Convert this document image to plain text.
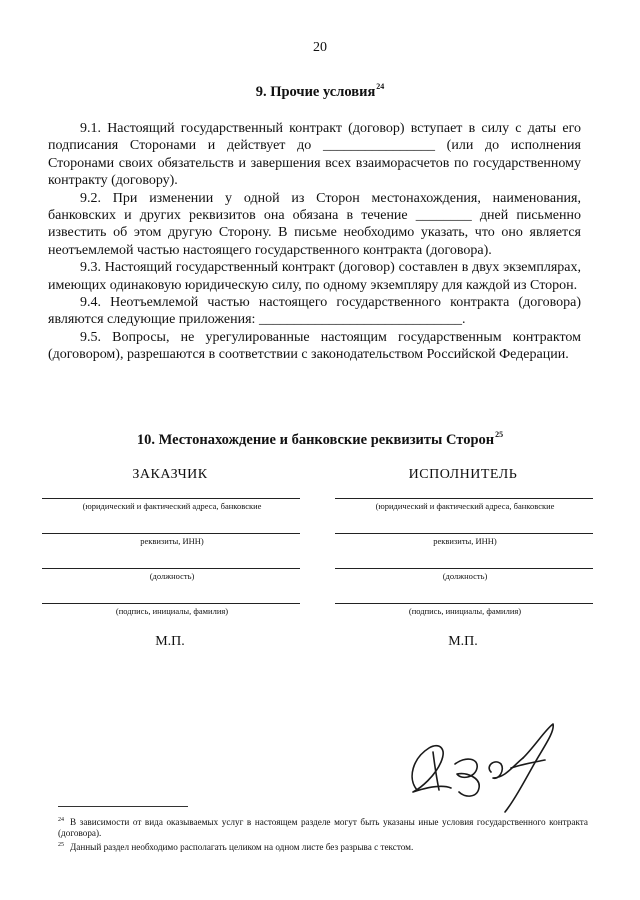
20
9. Прочие условия$^{24}$

9.1. Настоящий государственный контракт (договор) вступает в силу с даты его подписания Сторонами и действует до ________________ (или до исполнения Сторонами своих обязательств и завершения всех взаиморасчетов по государственному контракту (договору).

9.2. При изменении у одной из Сторон местонахождения, наименования, банковских и других реквизитов она обязана в течение ________ дней письменно известить об этом другую Сторону. В письме необходимо указать, что оно является неотъемлемой частью настоящего государственного контракта (договора).

9.3. Настоящий государственный контракт (договор) составлен в двух экземплярах, имеющих одинаковую юридическую силу, по одному экземпляру для каждой из Сторон.

9.4. Неотъемлемой частью настоящего государственного контракта (договора) являются следующие приложения: _____________________________.

9.5. Вопросы, не урегулированные настоящим государственным контрактом (договором), разрешаются в соответствии с законодательством Российской Федерации.

10. Местонахождение и банковские реквизиты Сторон$^{25}$
ЗАКАЗЧИК
(юридический и фактический адреса, банковские
реквизиты, ИНН)
(должность)
(подпись, инициалы, фамилия)
М.П.
ИСПОЛНИТЕЛЬ
(юридический и фактический адреса, банковские
реквизиты, ИНН)
(должность)
(подпись, инициалы, фамилия)
М.П.
$^{24}$ В зависимости от вида оказываемых услуг в настоящем разделе могут быть указаны иные условия государственного контракта (договора).
$^{25}$ Данный раздел необходимо располагать целиком на одном листе без разрыва с текстом.
